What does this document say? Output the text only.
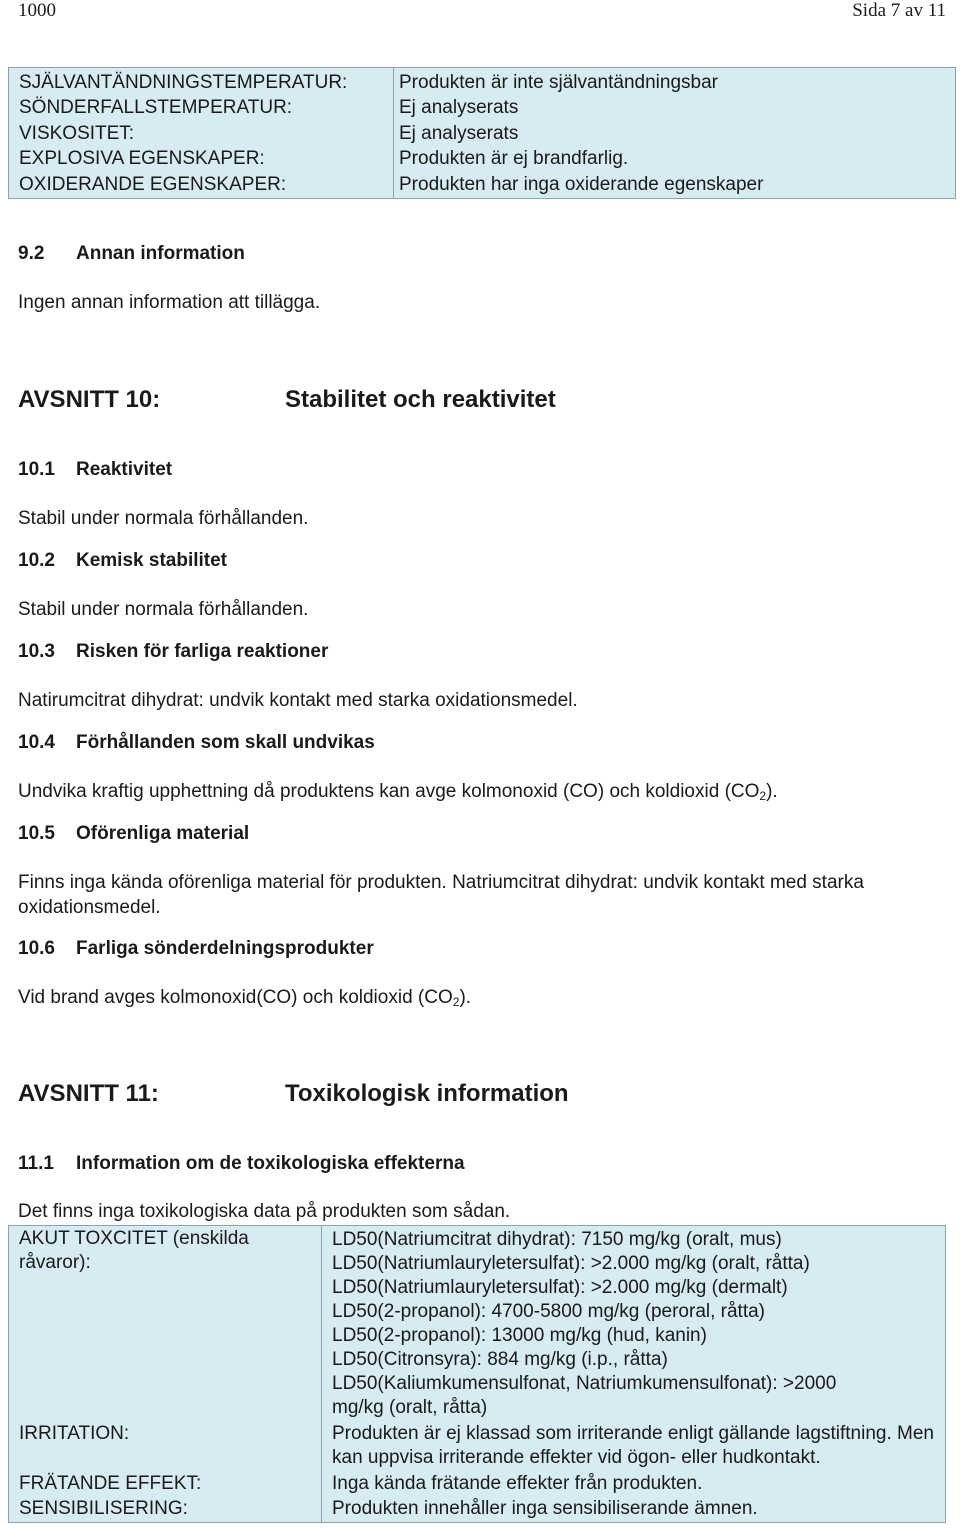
1000	Sida 7 av 11
SJÄLVANTÄNDNINGSTEMPERATUR:	Produkten är inte självantändningsbar
SÖNDERFALLSTEMPERATUR:	Ej analyserats
VISKOSITET:	Ej analyserats
EXPLOSIVA EGENSKAPER:	Produkten är ej brandfarlig.
OXIDERANDE EGENSKAPER:	Produkten har inga oxiderande egenskaper
9.2 Annan information
Ingen annan information att tillägga.
AVSNITT 10:	Stabilitet och reaktivitet
10.1 Reaktivitet
Stabil under normala förhållanden.
10.2 Kemisk stabilitet
Stabil under normala förhållanden.
10.3 Risken för farliga reaktioner
Natirumcitrat dihydrat: undvik kontakt med starka oxidationsmedel.
10.4 Förhållanden som skall undvikas
Undvika kraftig upphettning då produktens kan avge kolmonoxid (CO) och koldioxid $(CO_2)$.
10.5 Oförenliga material
Finns inga kända oförenliga material för produkten. Natriumcitrat dihydrat: undvik kontakt med starka oxidationsmedel.
10.6 Farliga sönderdelningsprodukter
Vid brand avges kolmonoxid(CO) och koldioxid $(CO_2)$.
AVSNITT 11:	Toxikologisk information
11.1 Information om de toxikologiska effekterna
Det finns inga toxikologiska data på produkten som sådan.
AKUT TOXCITET (enskilda råvaror):
LD50(Natriumcitrat dihydrat): 7150 mg/kg (oralt, mus)
LD50(Natriumlauryletersulfat): >2.000 mg/kg (oralt, råtta)
LD50(Natriumlauryletersulfat): >2.000 mg/kg (dermalt)
LD50(2-propanol): 4700-5800 mg/kg (peroral, råtta)
LD50(2-propanol): 13000 mg/kg (hud, kanin)
LD50(Citronsyra): 884 mg/kg (i.p., råtta)
LD50(Kaliumkumensulfonat, Natriumkumensulfonat): >2000 mg/kg (oralt, råtta)
IRRITATION:	Produkten är ej klassad som irriterande enligt gällande lagstiftning. Men kan uppvisa irriterande effekter vid ögon- eller hudkontakt.
FRÄTANDE EFFEKT:	Inga kända frätande effekter från produkten.
SENSIBILISERING:	Produkten innehåller inga sensibiliserande ämnen.
